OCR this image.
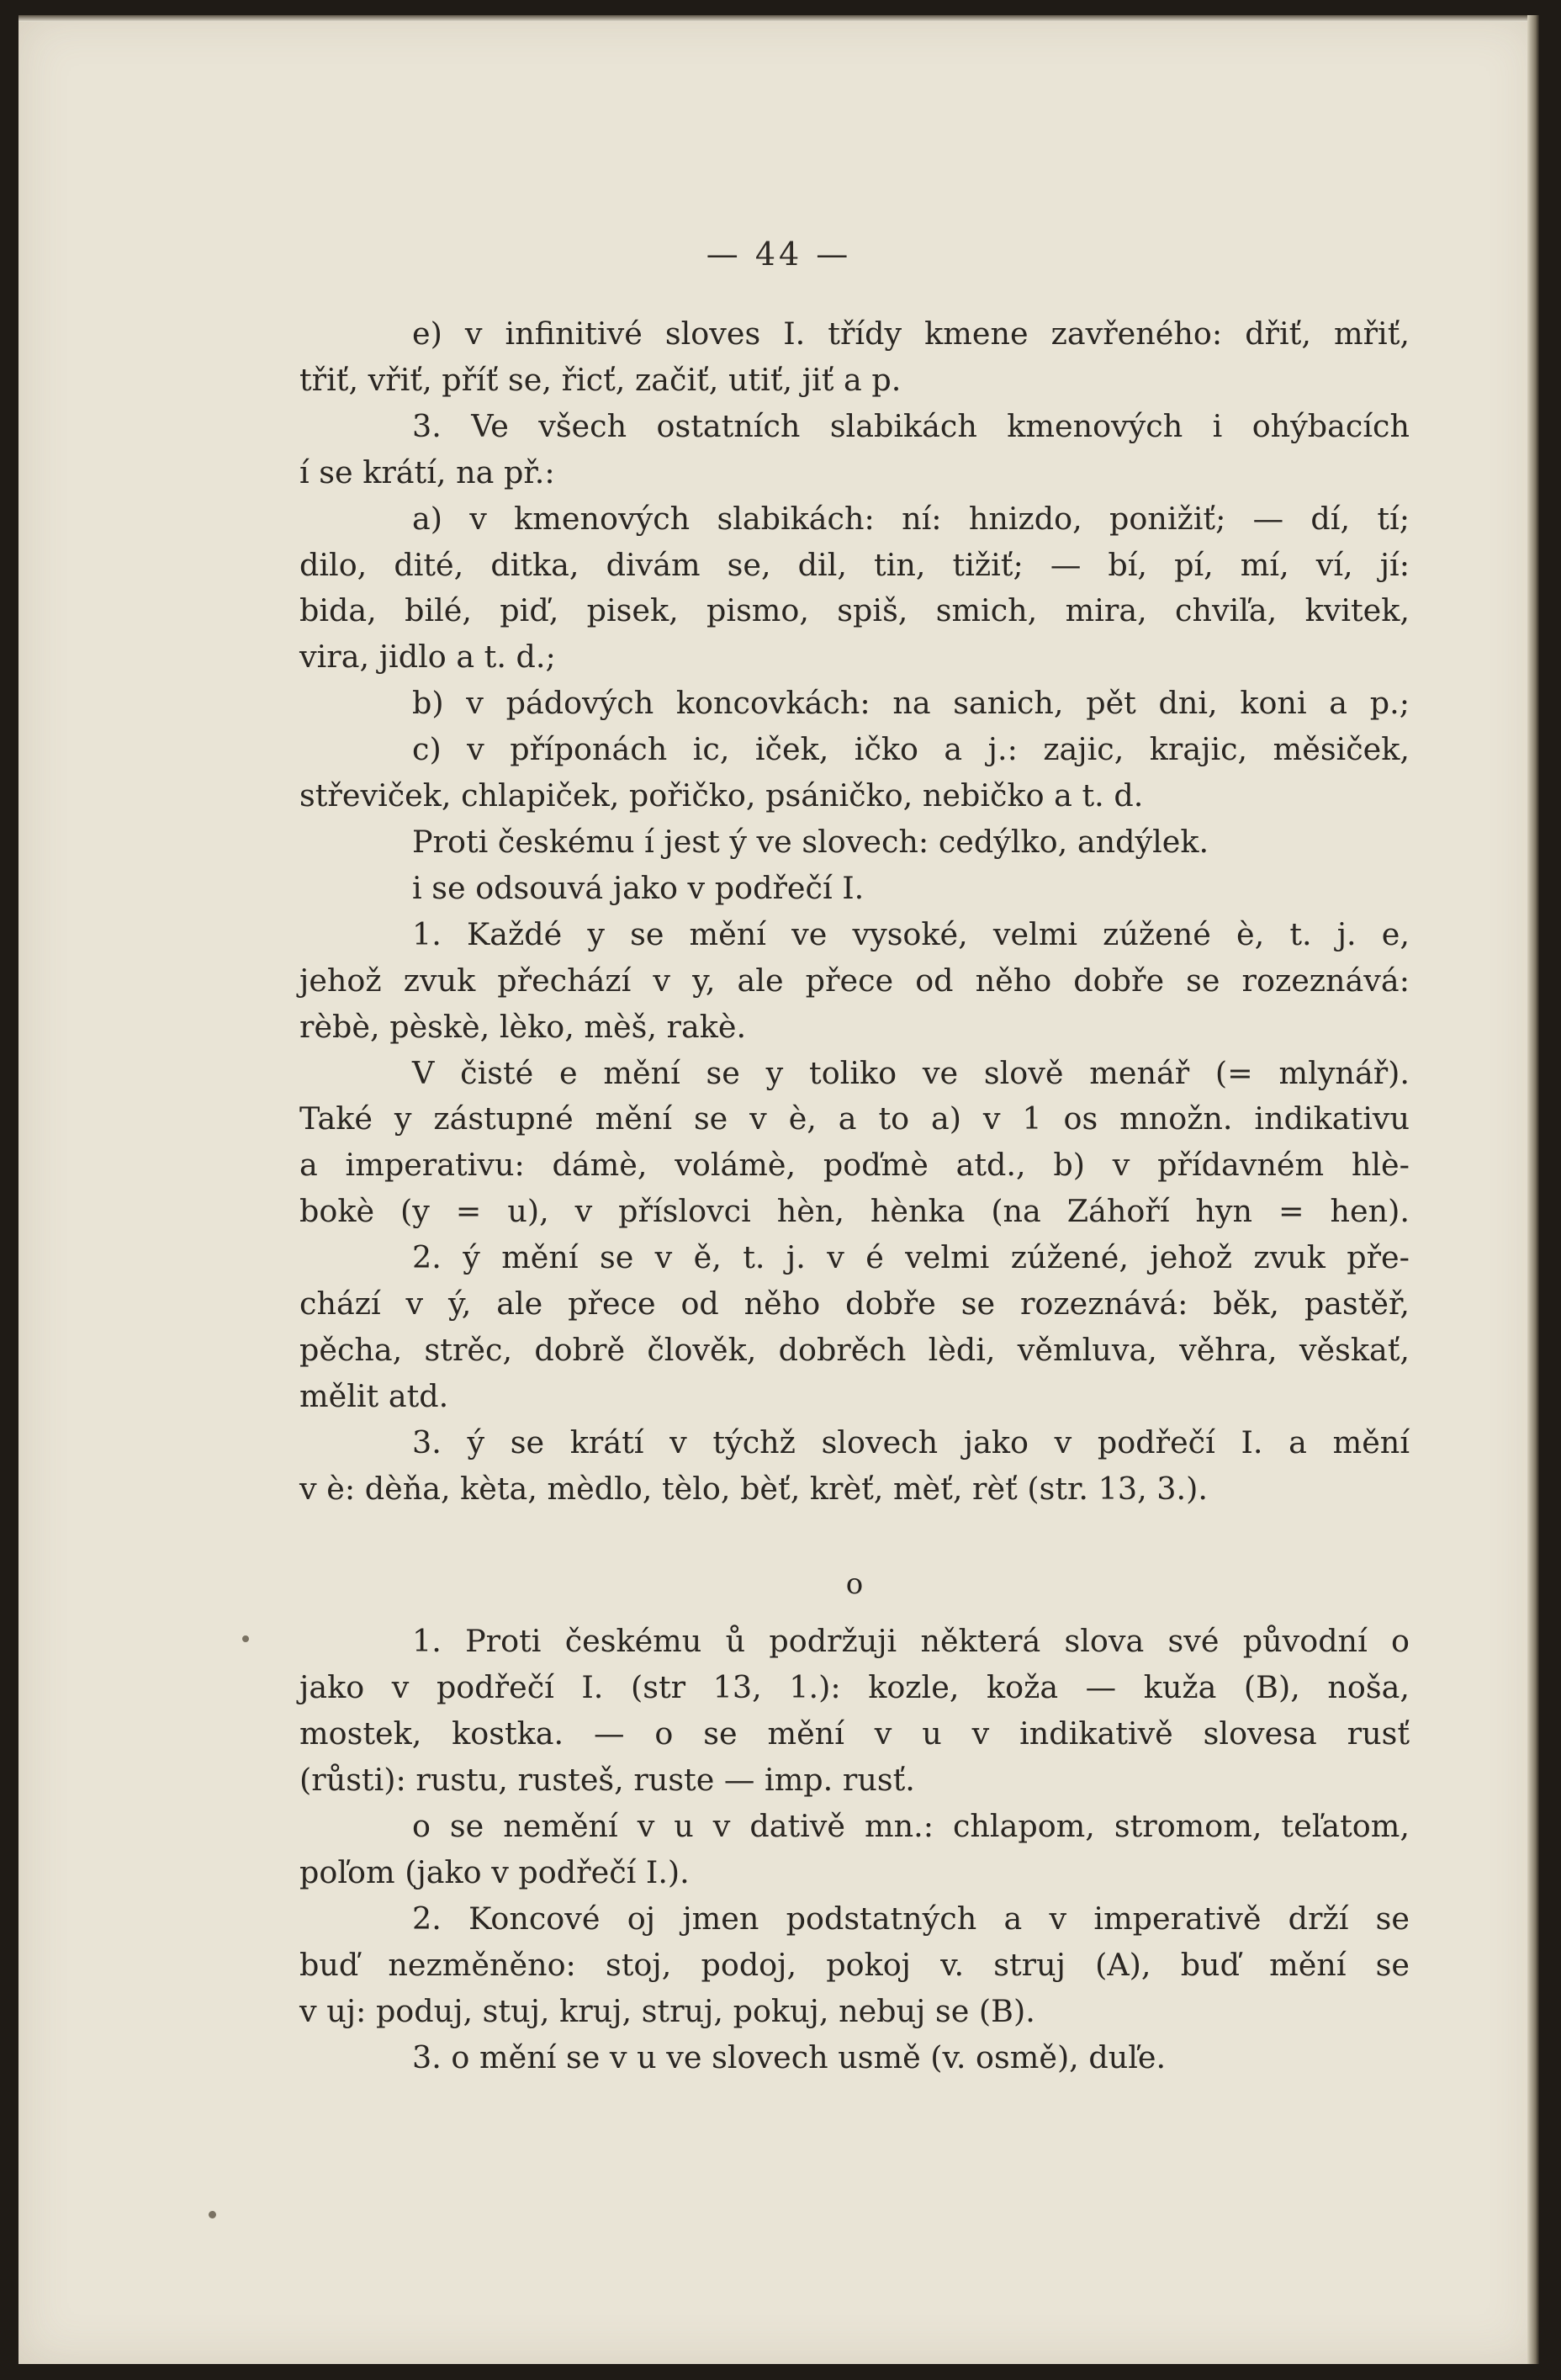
— 44 —
e) v infinitivé sloves I. třídy kmene zavřeného: dřiť, mřiť,
třiť, vřiť, příť se, řicť, začiť, utiť, jiť a p.
3. Ve všech ostatních slabikách kmenových i ohýbacích
í se krátí, na př.:
a) v kmenových slabikách: ní: hnizdo, ponižiť; — dí, tí;
dilo, dité, ditka, divám se, dil, tin, tižiť; — bí, pí, mí, ví, jí:
bida, bilé, piď, pisek, pismo, spiš, smich, mira, chviľa, kvitek,
vira, jidlo a t. d.;
b) v pádových koncovkách: na sanich, pět dni, koni a p.;
c) v příponách ic, iček, ičko a j.: zajic, krajic, měsiček,
střeviček, chlapiček, pořičko, psáničko, nebičko a t. d.
Proti českému í jest ý ve slovech: cedýlko, andýlek.
i se odsouvá jako v podřečí I.
1. Každé y se mění ve vysoké, velmi zúžené è, t. j. e,
jehož zvuk přechází v y, ale přece od něho dobře se rozeznává:
rèbè, pèskè, lèko, mèš, rakè.
V čisté e mění se y toliko ve slově menář (= mlynář).
Také y zástupné mění se v è, a to a) v 1 os množn. indikativu
a imperativu: dámè, volámè, poďmè atd., b) v přídavném hlè-
bokè (y = u), v příslovci hèn, hènka (na Záhoří hyn = hen).
2. ý mění se v ě, t. j. v é velmi zúžené, jehož zvuk pře-
chází v ý, ale přece od něho dobře se rozeznává: běk, pastěř,
pěcha, strěc, dobrě člověk, dobrěch lèdi, věmluva, věhra, věskať,
mělit atd.
3. ý se krátí v týchž slovech jako v podřečí I. a mění
v è: dèňa, kèta, mèdlo, tèlo, bèť, krèť, mèť, rèť (str. 13, 3.).
o
1. Proti českému ů podržuji některá slova své původní o
jako v podřečí I. (str 13, 1.): kozle, koža — kuža (B), noša,
mostek, kostka. — o se mění v u v indikativě slovesa rusť
(růsti): rustu, rusteš, ruste — imp. rusť.
o se nemění v u v dativě mn.: chlapom, stromom, teľatom,
poľom (jako v podřečí I.).
2. Koncové oj jmen podstatných a v imperativě drží se
buď nezměněno: stoj, podoj, pokoj v. struj (A), buď mění se
v uj: poduj, stuj, kruj, struj, pokuj, nebuj se (B).
3. o mění se v u ve slovech usmě (v. osmě), duľe.
